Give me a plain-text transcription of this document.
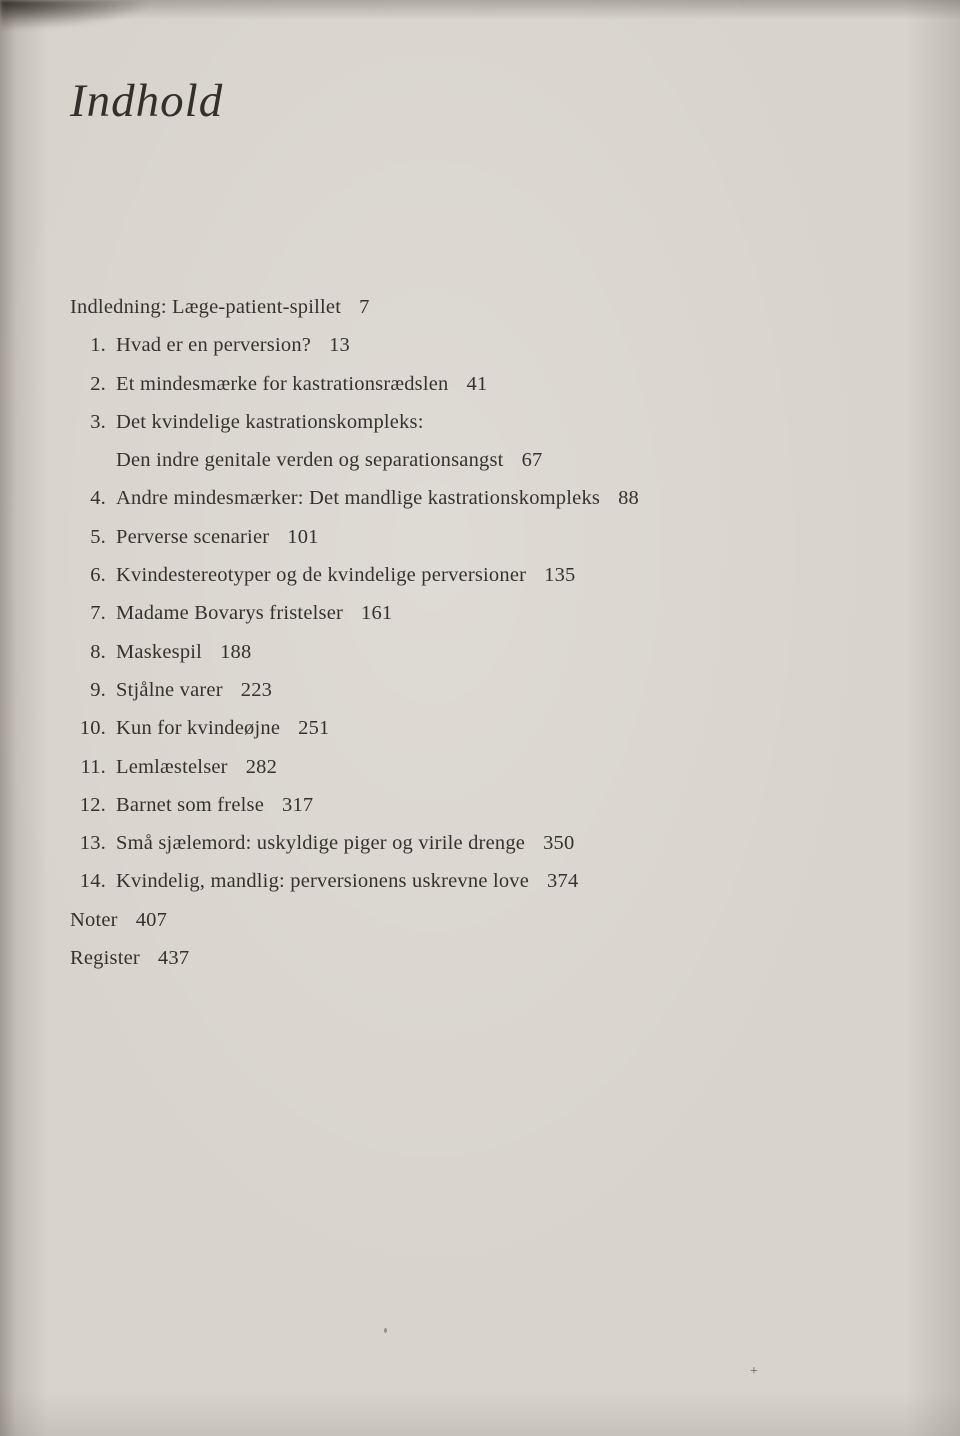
Indhold
Indledning: Læge-patient-spillet 7
1. Hvad er en perversion? 13
2. Et mindesmærke for kastrationsrædslen 41
3. Det kvindelige kastrationskompleks:
Den indre genitale verden og separationsangst 67
4. Andre mindesmærker: Det mandlige kastrationskompleks 88
5. Perverse scenarier 101
6. Kvindestereotyper og de kvindelige perversioner 135
7. Madame Bovarys fristelser 161
8. Maskespil 188
9. Stjålne varer 223
10. Kun for kvindeøjne 251
11. Lemlæstelser 282
12. Barnet som frelse 317
13. Små sjælemord: uskyldige piger og virile drenge 350
14. Kvindelig, mandlig: perversionens uskrevne love 374
Noter 407
Register 437
+
